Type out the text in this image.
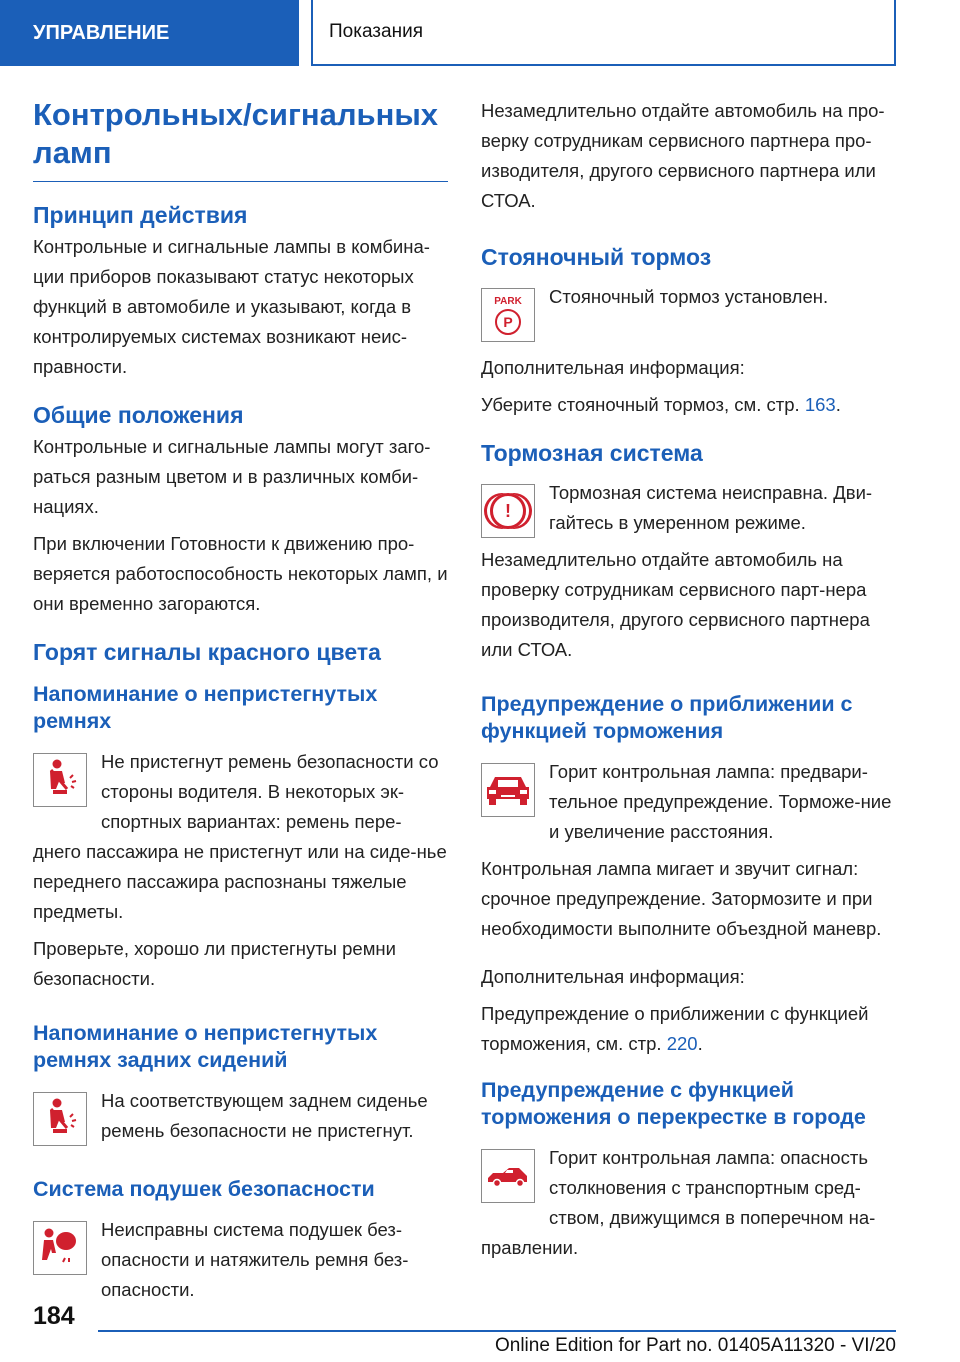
УПРАВЛЕНИЕ	Показания
Контрольных/сигнальных ламп
Принцип действия

Контрольные и сигнальные лампы в комбина-ции приборов показывают статус некоторых функций в автомобиле и указывают, когда в контролируемых системах возникают неис-правности.

Общие положения

Контрольные и сигнальные лампы могут заго-раться разным цветом и в различных комби-нациях.

При включении Готовности к движению про-веряется работоспособность некоторых ламп, и они временно загораются.

Горят сигналы красного цвета
Напоминание о непристегнутых ремнях

Не пристегнут ремень безопасности со стороны водителя. В некоторых эк-спортных вариантах: ремень пере-днего пассажира не пристегнут или на сиде-нье переднего пассажира распознаны тяжелые предметы.

Проверьте, хорошо ли пристегнуты ремни безопасности.

Напоминание о непристегнутых ремнях задних сидений

На соответствующем заднем сиденье ремень безопасности не пристегнут.

Система подушек безопасности

Неисправны система подушек без-опасности и натяжитель ремня без-опасности.

Незамедлительно отдайте автомобиль на про-верку сотрудникам сервисного партнера про-изводителя, другого сервисного партнера или СТОА.

Стояночный тормоз
PARK
P

Стояночный тормоз установлен.

Дополнительная информация:

Уберите стояночный тормоз, см. стр. 163.

Тормозная система
!

Тормозная система неисправна. Дви-гайтесь в умеренном режиме.

Незамедлительно отдайте автомобиль на проверку сотрудникам сервисного парт-нера производителя, другого сервисного партнера или СТОА.

Предупреждение о приближении с функцией торможения

Горит контрольная лампа: предвари-тельное предупреждение. Торможе-ние и увеличение расстояния.

Контрольная лампа мигает и звучит сигнал: срочное предупреждение. Затормозите и при необходимости выполните объездной маневр.

Дополнительная информация:

Предупреждение о приближении с функцией торможения, см. стр. 220.

Предупреждение с функцией торможения о перекрестке в городе

Горит контрольная лампа: опасность столкновения с транспортным сред-ством, движущимся в поперечном на-правлении.

184
Online Edition for Part no. 01405A11320 - VI/20
